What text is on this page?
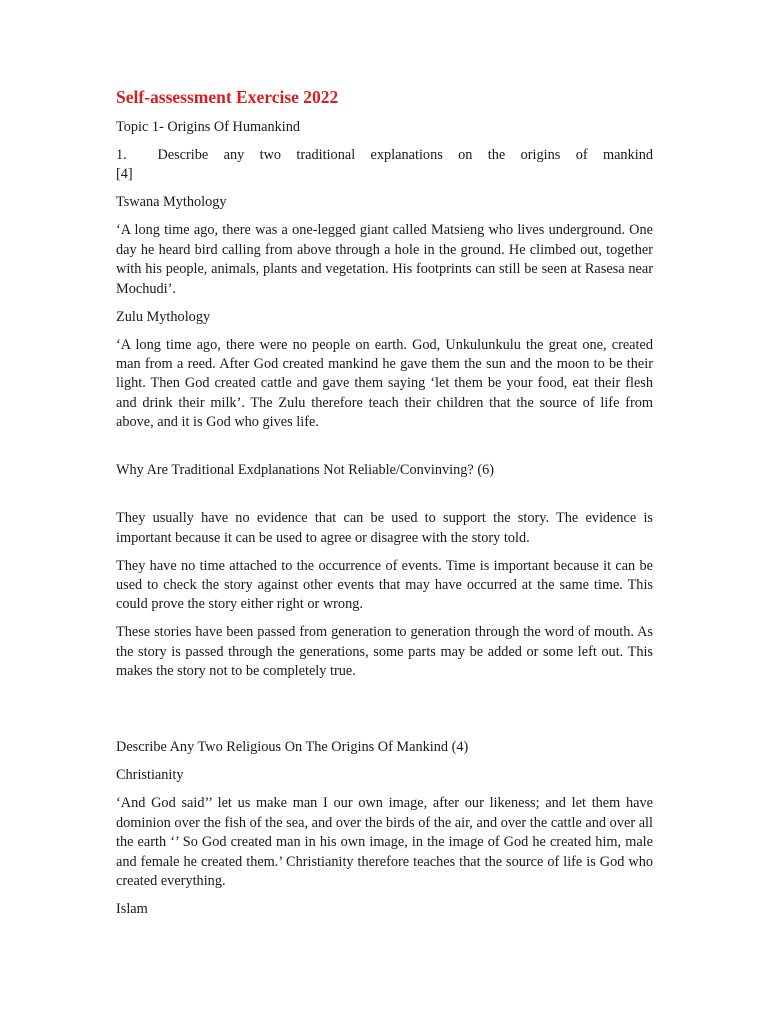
Self-assessment Exercise 2022

Topic 1- Origins Of Humankind

1.  Describe any two traditional explanations on the origins of mankind
[4]

Tswana Mythology

‘A long time ago, there was a one-legged giant called Matsieng who lives underground. One day he heard bird calling from above through a hole in the ground. He climbed out, together with his people, animals, plants and vegetation. His footprints can still be seen at Rasesa near Mochudi’.

Zulu Mythology

‘A long time ago, there were no people on earth. God, Unkulunkulu the great one, created man from a reed. After God created mankind he gave them the sun and the moon to be their light. Then God created cattle and gave them saying ‘let them be your food, eat their flesh and drink their milk’. The Zulu therefore teach their children that the source of life from above, and it is God who gives life.

Why Are Traditional Exdplanations Not Reliable/Convinving? (6)

They usually have no evidence that can be used to support the story. The evidence is important because it can be used to agree or disagree with the story told.

They have no time attached to the occurrence of events. Time is important because it can be used to check the story against other events that may have occurred at the same time. This could prove the story either right or wrong.

These stories have been passed from generation to generation through the word of mouth. As the story is passed through the generations, some parts may be added or some left out. This makes the story not to be completely true.

Describe Any Two Religious On The Origins Of Mankind (4)

Christianity

‘And God said’’ let us make man I our own image, after our likeness; and let them have dominion over the fish of the sea, and over the birds of the air, and over the cattle and over all the earth ‘’ So God created man in his own image, in the image of God he created him, male and female he created them.’ Christianity therefore teaches that the source of life is God who created everything.

Islam
